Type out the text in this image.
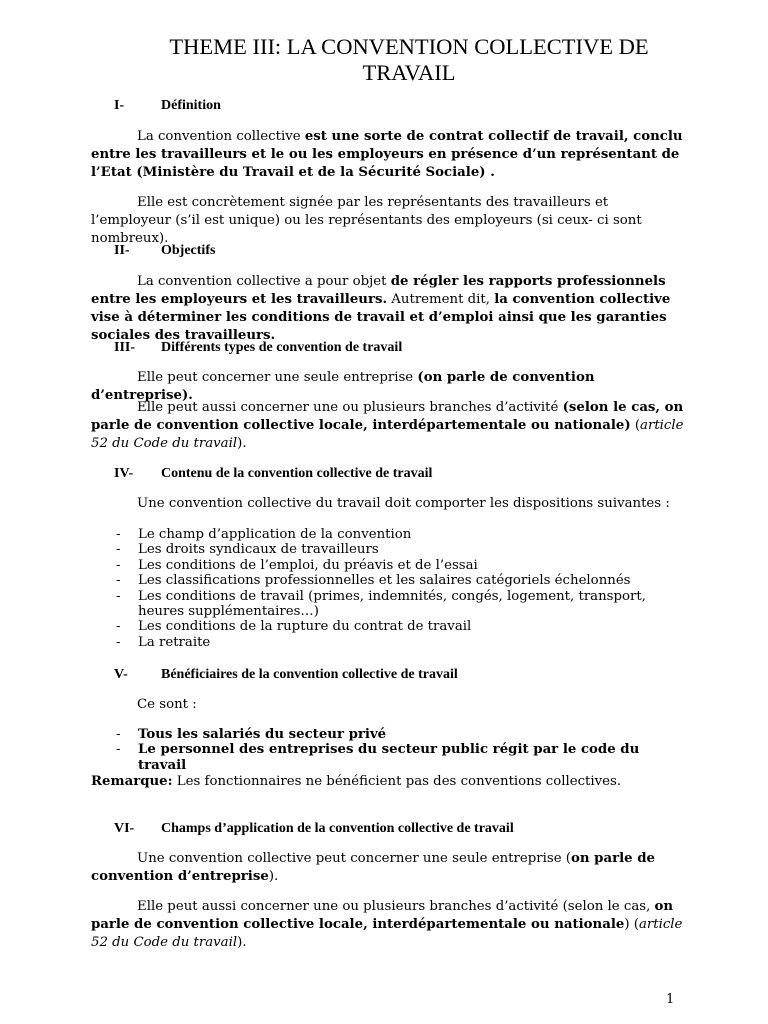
THEME III: LA CONVENTION COLLECTIVE DE
TRAVAIL
I-	Définition
La convention collective est une sorte de contrat collectif de travail, conclu entre les travailleurs et le ou les employeurs en présence d’un représentant de l’Etat (Ministère du Travail et de la Sécurité Sociale) .
Elle est concrètement signée par les représentants des travailleurs et l’employeur (s’il est unique) ou les représentants des employeurs (si ceux- ci sont nombreux).
II- Objectifs
La convention collective a pour objet de régler les rapports professionnels entre les employeurs et les travailleurs. Autrement dit, la convention collective vise à déterminer les conditions de travail et d’emploi ainsi que les garanties sociales des travailleurs.
III- Différents types de convention de travail
Elle peut concerner une seule entreprise (on parle de convention d’entreprise).
Elle peut aussi concerner une ou plusieurs branches d’activité (selon le cas, on parle de convention collective locale, interdépartementale ou nationale) (article 52 du Code du travail).
IV- Contenu de la convention collective de travail
Une convention collective du travail doit comporter les dispositions suivantes :
- Le champ d’application de la convention
- Les droits syndicaux de travailleurs
- Les conditions de l’emploi, du préavis et de l’essai
- Les classifications professionnelles et les salaires catégoriels échelonnés
- Les conditions de travail (primes, indemnités, congés, logement, transport, heures supplémentaires…)
- Les conditions de la rupture du contrat de travail
- La retraite
V- Bénéficiaires de la convention collective de travail
Ce sont :
- Tous les salariés du secteur privé
- Le personnel des entreprises du secteur public régit par le code du travail
Remarque: Les fonctionnaires ne bénéficient pas des conventions collectives.
VI- Champs d’application de la convention collective de travail
Une convention collective peut concerner une seule entreprise (on parle de convention d’entreprise).
Elle peut aussi concerner une ou plusieurs branches d’activité (selon le cas, on parle de convention collective locale, interdépartementale ou nationale) (article 52 du Code du travail).
1
